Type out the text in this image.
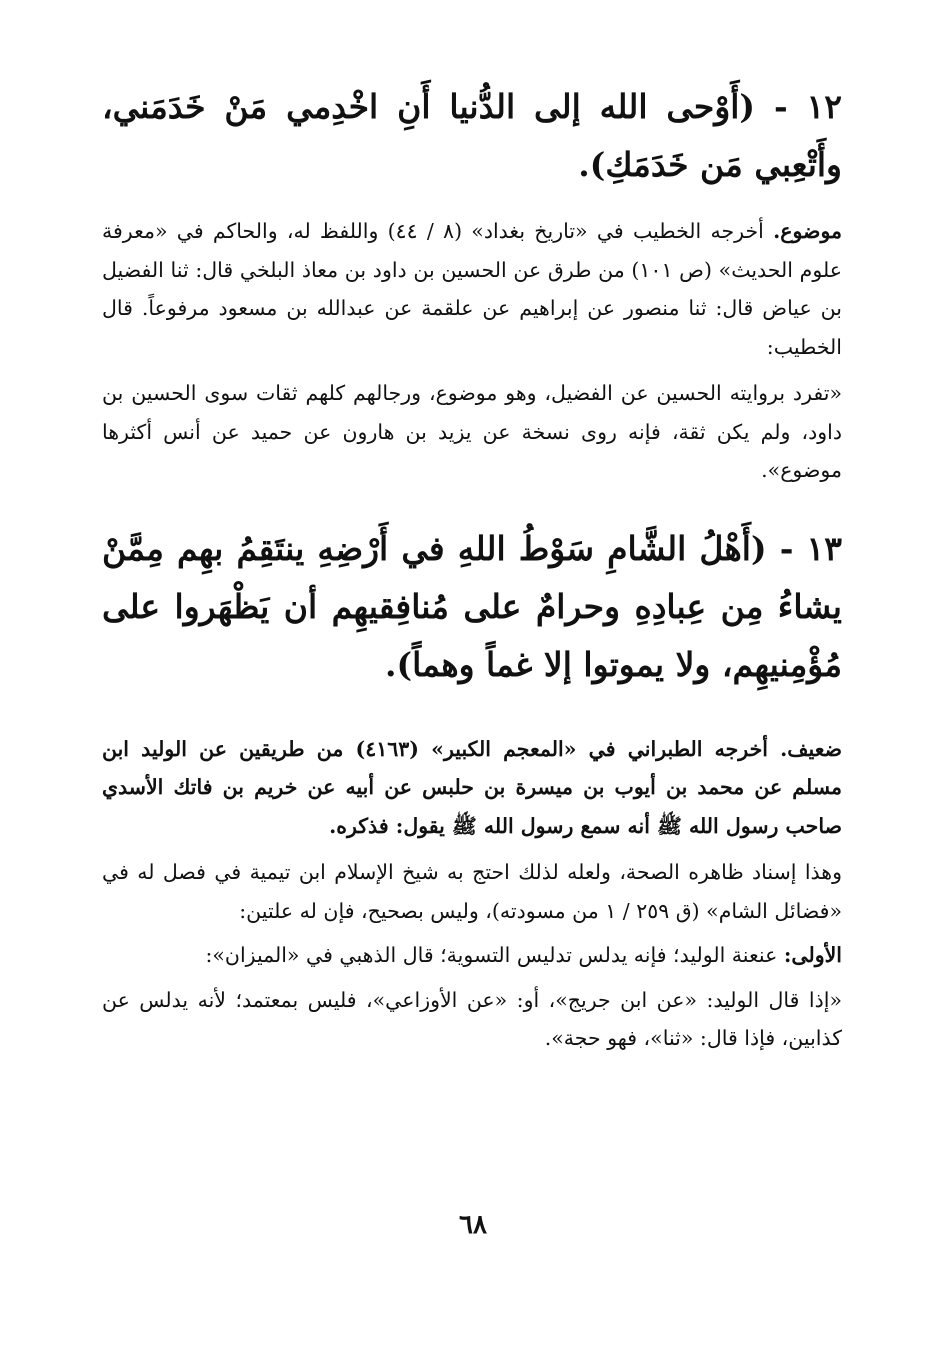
١٢ - (أَوْحى الله إلى الدُّنيا أَنِ اخْدِمي مَنْ خَدَمَني، وأَتْعِبي مَن خَدَمَكِ).

موضوع. أخرجه الخطيب في «تاريخ بغداد» (٨ / ٤٤) واللفظ له، والحاكم في «معرفة علوم الحديث» (ص ١٠١) من طرق عن الحسين بن داود بن معاذ البلخي قال: ثنا الفضيل بن عياض قال: ثنا منصور عن إبراهيم عن علقمة عن عبدالله بن مسعود مرفوعاً. قال الخطيب:

«تفرد بروايته الحسين عن الفضيل، وهو موضوع، ورجالهم كلهم ثقات سوى الحسين بن داود، ولم يكن ثقة، فإنه روى نسخة عن يزيد بن هارون عن حميد عن أنس أكثرها موضوع».

١٣ - (أَهْلُ الشَّامِ سَوْطُ اللهِ في أَرْضِهِ ينتَقِمُ بهِم مِمَّنْ يشاءُ مِن عِبادِهِ وحرامٌ على مُنافِقيهِم أن يَظْهَروا على مُؤْمِنيهِم، ولا يموتوا إلا غماً وهماً).

ضعيف. أخرجه الطبراني في «المعجم الكبير» (٤١٦٣) من طريقين عن الوليد ابن مسلم عن محمد بن أيوب بن ميسرة بن حلبس عن أبيه عن خريم بن فاتك الأسدي صاحب رسول الله ﷺ أنه سمع رسول الله ﷺ يقول: فذكره.

وهذا إسناد ظاهره الصحة، ولعله لذلك احتج به شيخ الإسلام ابن تيمية في فصل له في «فضائل الشام» (ق ٢٥٩ / ١ من مسودته)، وليس بصحيح، فإن له علتين:

الأولى: عنعنة الوليد؛ فإنه يدلس تدليس التسوية؛ قال الذهبي في «الميزان»:

«إذا قال الوليد: «عن ابن جريج»، أو: «عن الأوزاعي»، فليس بمعتمد؛ لأنه يدلس عن كذابين، فإذا قال: «ثنا»، فهو حجة».

٦٨
